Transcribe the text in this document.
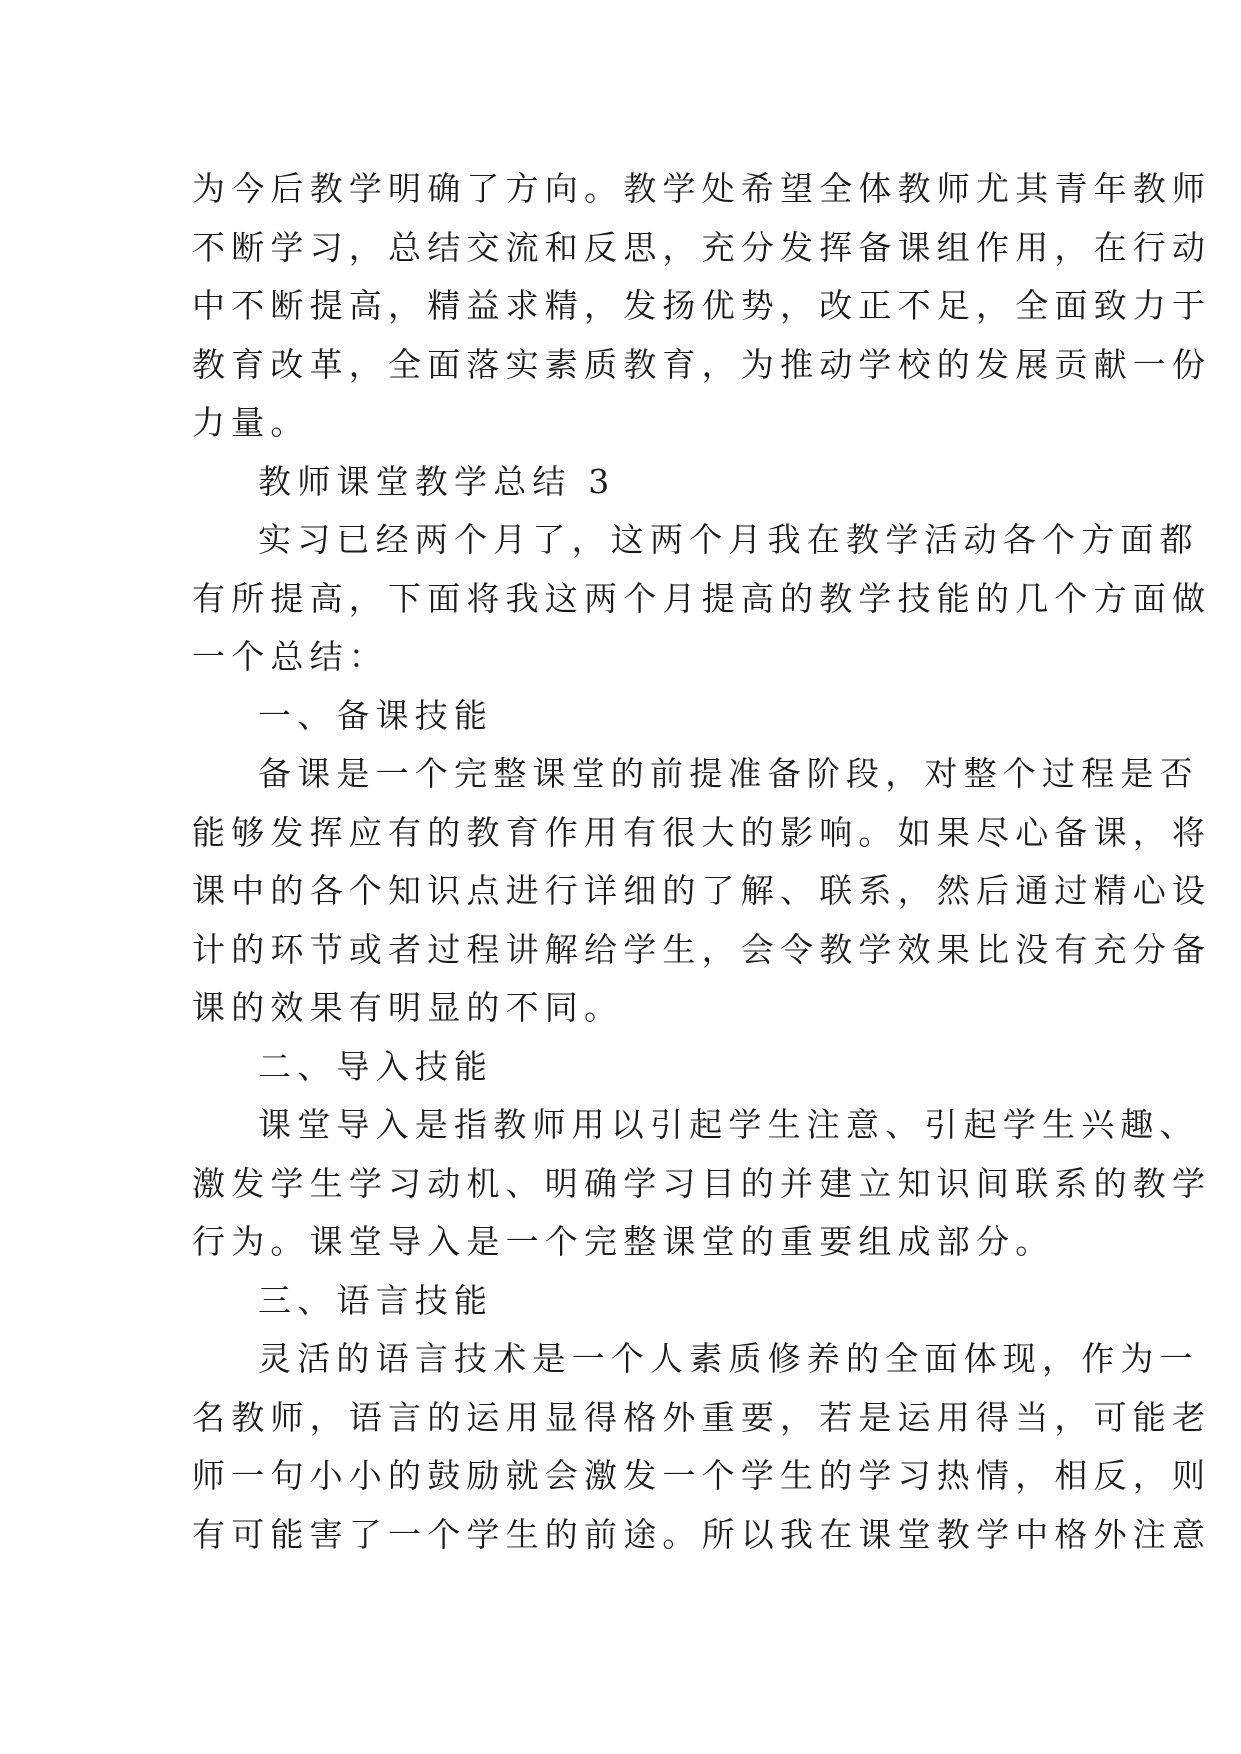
为今后教学明确了方向。教学处希望全体教师尤其青年教师
不断学习，总结交流和反思，充分发挥备课组作用，在行动
中不断提高，精益求精，发扬优势，改正不足，全面致力于
教育改革，全面落实素质教育，为推动学校的发展贡献一份
力量。
教师课堂教学总结 3
实习已经两个月了，这两个月我在教学活动各个方面都
有所提高，下面将我这两个月提高的教学技能的几个方面做
一个总结：
一、备课技能
备课是一个完整课堂的前提准备阶段，对整个过程是否
能够发挥应有的教育作用有很大的影响。如果尽心备课，将
课中的各个知识点进行详细的了解、联系，然后通过精心设
计的环节或者过程讲解给学生，会令教学效果比没有充分备
课的效果有明显的不同。
二、导入技能
课堂导入是指教师用以引起学生注意、引起学生兴趣、
激发学生学习动机、明确学习目的并建立知识间联系的教学
行为。课堂导入是一个完整课堂的重要组成部分。
三、语言技能
灵活的语言技术是一个人素质修养的全面体现，作为一
名教师，语言的运用显得格外重要，若是运用得当，可能老
师一句小小的鼓励就会激发一个学生的学习热情，相反，则
有可能害了一个学生的前途。所以我在课堂教学中格外注意
